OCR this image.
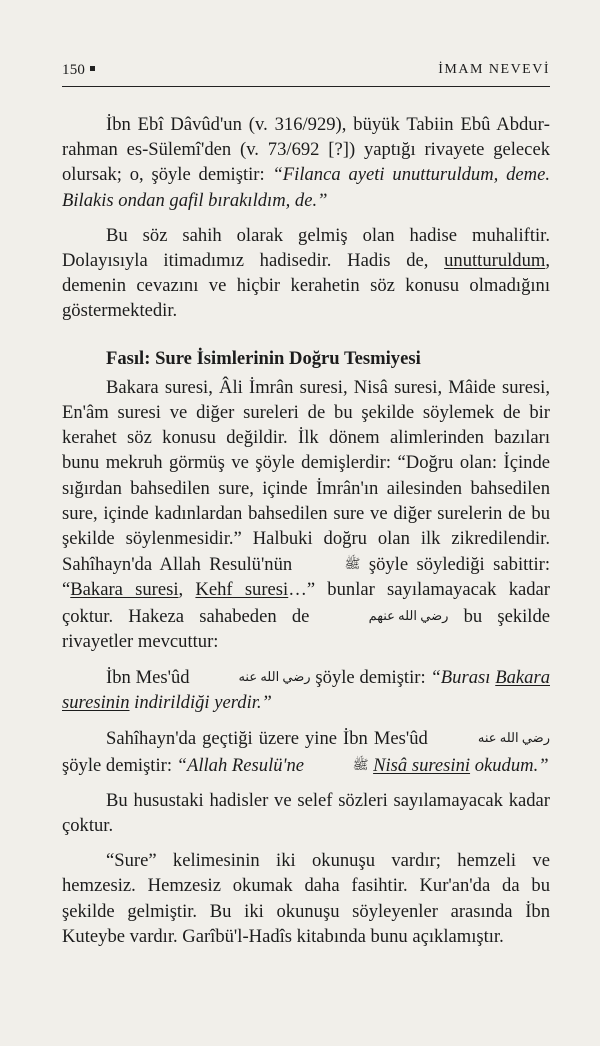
150	İMAM NEVEVİ

İbn Ebî Dâvûd'un (v. 316/929), büyük Tabiin Ebû Abdurrahman es-Sülemî'den (v. 73/692 [?]) yaptığı rivayete gelecek olursak; o, şöyle demiştir: “Filanca ayeti unutturuldum, deme. Bilakis ondan gafil bırakıldım, de.”

Bu söz sahih olarak gelmiş olan hadise muhaliftir. Dolayısıyla itimadımız hadisedir. Hadis de, unutturuldum, demenin cevazını ve hiçbir kerahetin söz konusu olmadığını göstermektedir.

Fasıl: Sure İsimlerinin Doğru Tesmiyesi

Bakara suresi, Âli İmrân suresi, Nisâ suresi, Mâide suresi, En'âm suresi ve diğer sureleri de bu şekilde söylemek de bir kerahet söz konusu değildir. İlk dönem alimlerinden bazıları bunu mekruh görmüş ve şöyle demişlerdir: “Doğru olan: İçinde sığırdan bahsedilen sure, içinde İmrân'ın ailesinden bahsedilen sure, içinde kadınlardan bahsedilen sure ve diğer surelerin de bu şekilde söylenmesidir.” Halbuki doğru olan ilk zikredilendir. Sahîhayn'da Allah Resulü'nün	ﷺ şöyle söylediği sabittir: “Bakara suresi, Kehf suresi…” bunlar sayılamayacak kadar çoktur. Hakeza sahabeden de	رضي الله عنهم bu şekilde rivayetler mevcuttur:

İbn Mes'ûd	رضي الله عنه şöyle demiştir: “Burası Bakara suresinin indirildiği yerdir.”

Sahîhayn'da geçtiği üzere yine İbn Mes'ûd	رضي الله عنه şöyle demiştir: “Allah Resulü'ne	ﷺ Nisâ suresini okudum.”

Bu husustaki hadisler ve selef sözleri sayılamayacak kadar çoktur.

“Sure” kelimesinin iki okunuşu vardır; hemzeli ve hemzesiz. Hemzesiz okumak daha fasihtir. Kur'an'da da bu şekilde gelmiştir. Bu iki okunuşu söyleyenler arasında İbn Kuteybe vardır. Garîbü'l-Hadîs kitabında bunu açıklamıştır.
